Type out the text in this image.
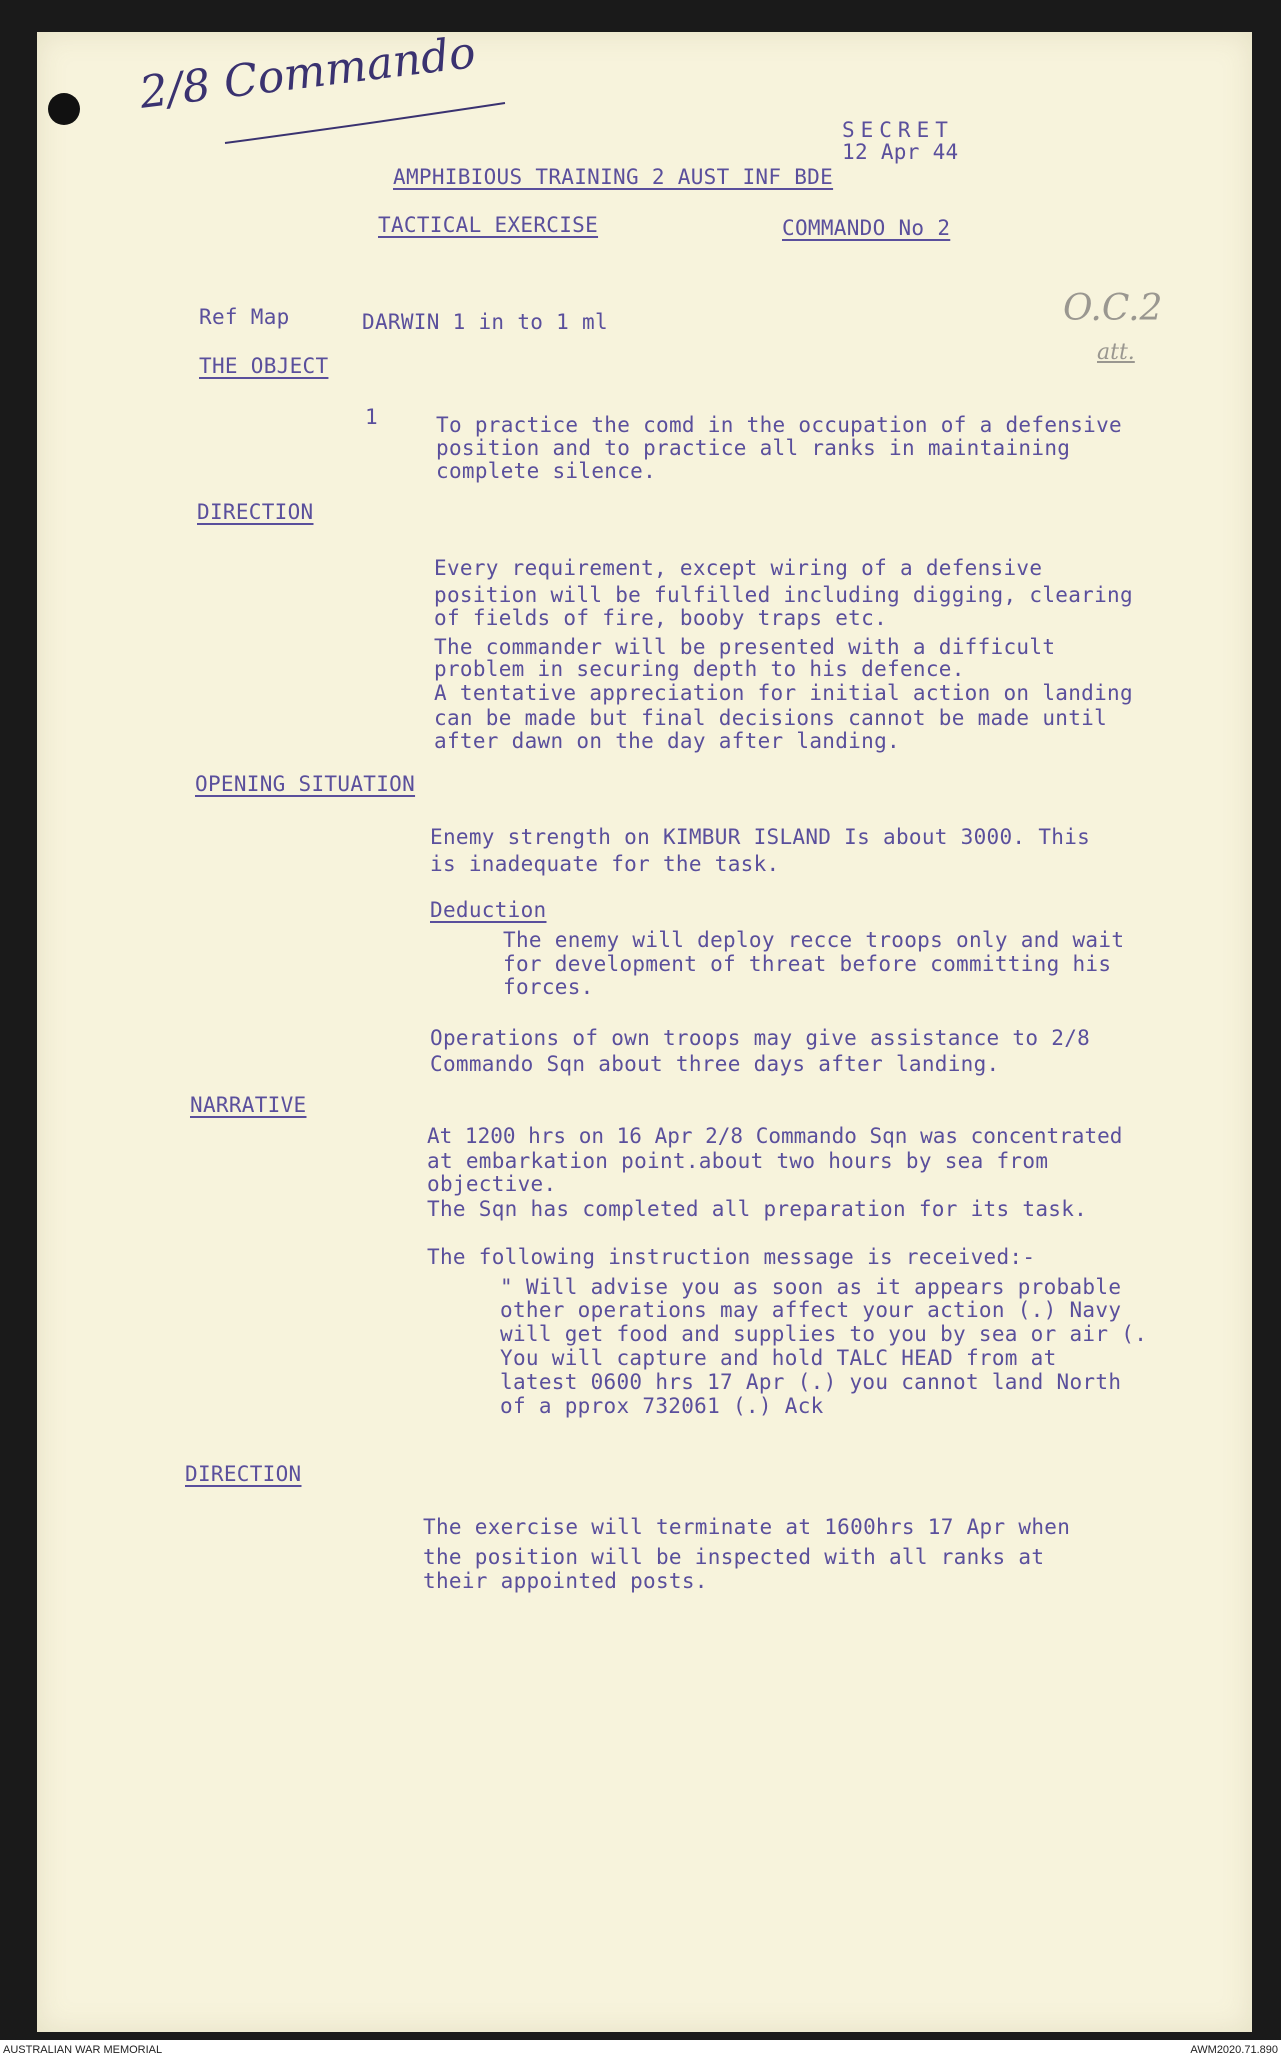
2/8 Commando
O.C.2
att.
SECRET
12 Apr 44
AMPHIBIOUS TRAINING 2 AUST INF BDE
TACTICAL EXERCISE	COMMANDO No 2
Ref Map	DARWIN 1 in to 1 ml
THE OBJECT
1	To practice the comd in the occupation of a defensive
position and to practice all ranks in maintaining
complete silence.
DIRECTION
Every requirement, except wiring of a defensive
position will be fulfilled including digging, clearing
of fields of fire, booby traps etc.
The commander will be presented with a difficult
problem in securing depth to his defence.
A tentative appreciation for initial action on landing
can be made but final decisions cannot be made until
after dawn on the day after landing.
OPENING SITUATION
Enemy strength on KIMBUR ISLAND Is about 3000. This
is inadequate for the task.
Deduction
The enemy will deploy recce troops only and wait
for development of threat before committing his
forces.
Operations of own troops may give assistance to 2/8
Commando Sqn about three days after landing.
NARRATIVE
At 1200 hrs on 16 Apr 2/8 Commando Sqn was concentrated
at embarkation point.about two hours by sea from
objective.
The Sqn has completed all preparation for its task.
The following instruction message is received:-
" Will advise you as soon as it appears probable
other operations may affect your action (.) Navy
will get food and supplies to you by sea or air (.
You will capture and hold TALC HEAD from at
latest 0600 hrs 17 Apr (.) you cannot land North
of a pprox 732061 (.) Ack
DIRECTION
The exercise will terminate at 1600hrs 17 Apr when
the position will be inspected with all ranks at
their appointed posts.
AUSTRALIAN WAR MEMORIAL	AWM2020.71.890
